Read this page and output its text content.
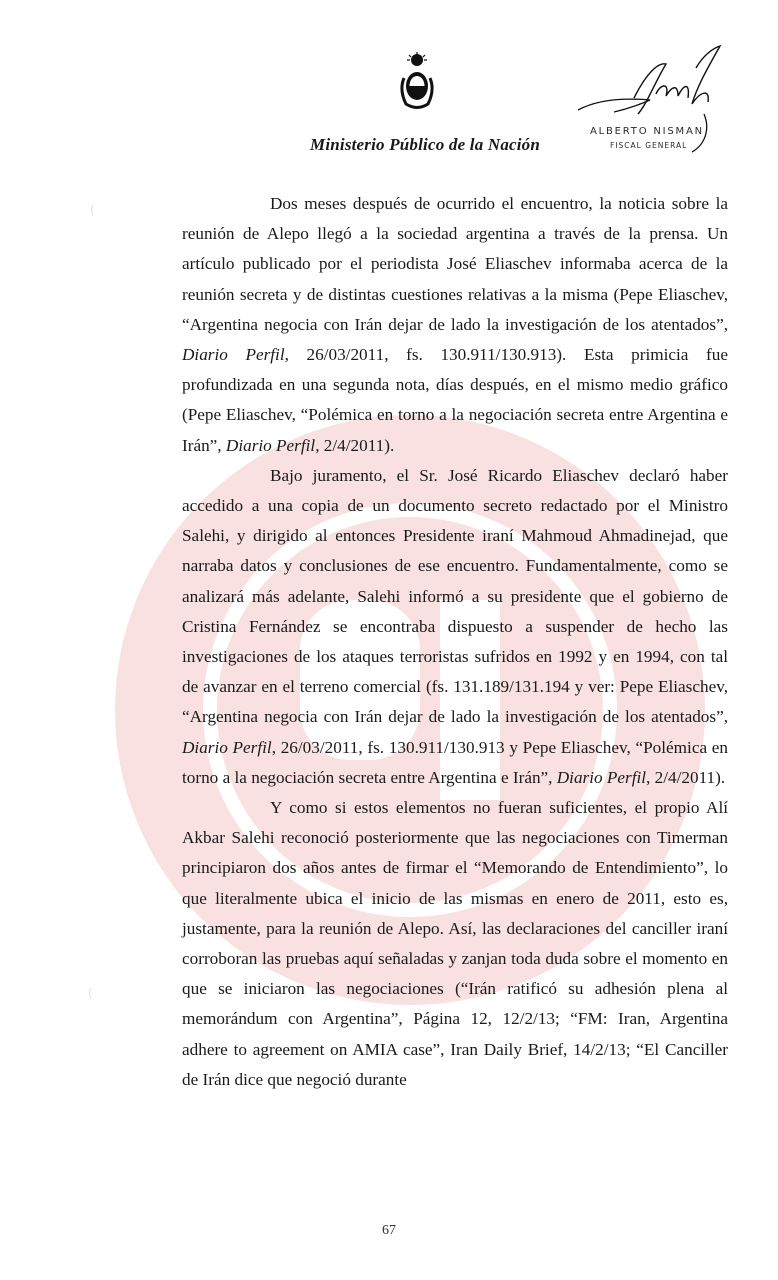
Ministerio Público de la Nación
ALBERTO NISMAN
FISCAL GENERAL
(
(

Dos meses después de ocurrido el encuentro, la noticia sobre la reunión de Alepo llegó a la sociedad argentina a través de la prensa. Un artículo publicado por el periodista José Eliaschev informaba acerca de la reunión secreta y de distintas cuestiones relativas a la misma (Pepe Eliaschev, “Argentina negocia con Irán dejar de lado la investigación de los atentados”, Diario Perfil, 26/03/2011, fs. 130.911/130.913). Esta primicia fue profundizada en una segunda nota, días después, en el mismo medio gráfico (Pepe Eliaschev, “Polémica en torno a la negociación secreta entre Argentina e Irán”, Diario Perfil, 2/4/2011).

Bajo juramento, el Sr. José Ricardo Eliaschev declaró haber accedido a una copia de un documento secreto redactado por el Ministro Salehi, y dirigido al entonces Presidente iraní Mahmoud Ahmadinejad, que narraba datos y conclusiones de ese encuentro. Fundamentalmente, como se analizará más adelante, Salehi informó a su presidente que el gobierno de Cristina Fernández se encontraba dispuesto a suspender de hecho las investigaciones de los ataques terroristas sufridos en 1992 y en 1994, con tal de avanzar en el terreno comercial (fs. 131.189/131.194 y ver: Pepe Eliaschev, “Argentina negocia con Irán dejar de lado la investigación de los atentados”, Diario Perfil, 26/03/2011, fs. 130.911/130.913 y Pepe Eliaschev, “Polémica en torno a la negociación secreta entre Argentina e Irán”, Diario Perfil, 2/4/2011).

Y como si estos elementos no fueran suficientes, el propio Alí Akbar Salehi reconoció posteriormente que las negociaciones con Timerman principiaron dos años antes de firmar el “Memorando de Entendimiento”, lo que literalmente ubica el inicio de las mismas en enero de 2011, esto es, justamente, para la reunión de Alepo. Así, las declaraciones del canciller iraní corroboran las pruebas aquí señaladas y zanjan toda duda sobre el momento en que se iniciaron las negociaciones (“Irán ratificó su adhesión plena al memorándum con Argentina”, Página 12, 12/2/13; “FM: Iran, Argentina adhere to agreement on AMIA case”, Iran Daily Brief, 14/2/13; “El Canciller de Irán dice que negoció durante

67
